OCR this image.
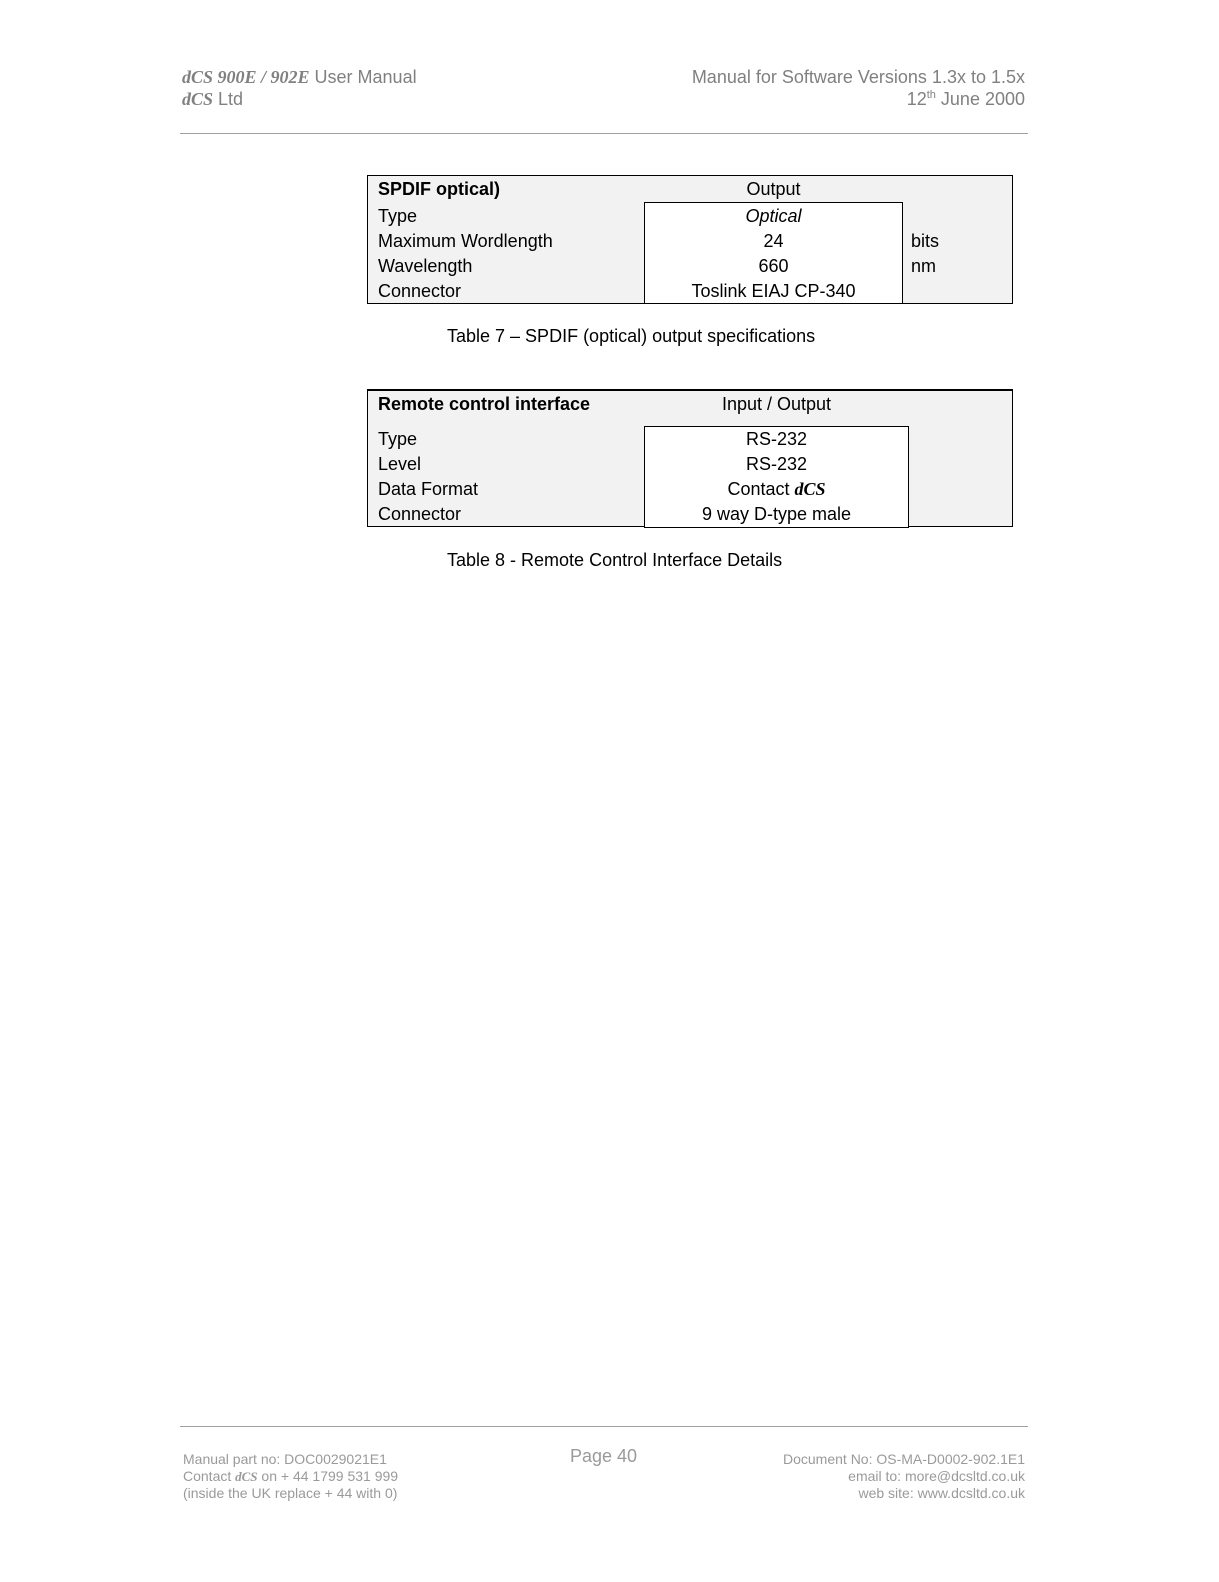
dCS 900E / 902E User Manual
dCS Ltd
Manual for Software Versions 1.3x to 1.5x
12th June 2000
SPDIF optical)	Output
Type	Optical
Maximum Wordlength	24	bits
Wavelength	660	nm
Connector	Toslink EIAJ CP-340
Table 7 – SPDIF (optical) output specifications
Remote control interface	Input / Output
Type	RS-232
Level	RS-232
Data Format	Contact dCS
Connector	9 way D-type male
Table 8 - Remote Control Interface Details
Manual part no: DOC0029021E1
Contact dCS on + 44 1799 531 999
(inside the UK replace + 44 with 0)
Page 40	Document No: OS-MA-D0002-902.1E1
email to: more@dcsltd.co.uk
web site: www.dcsltd.co.uk
